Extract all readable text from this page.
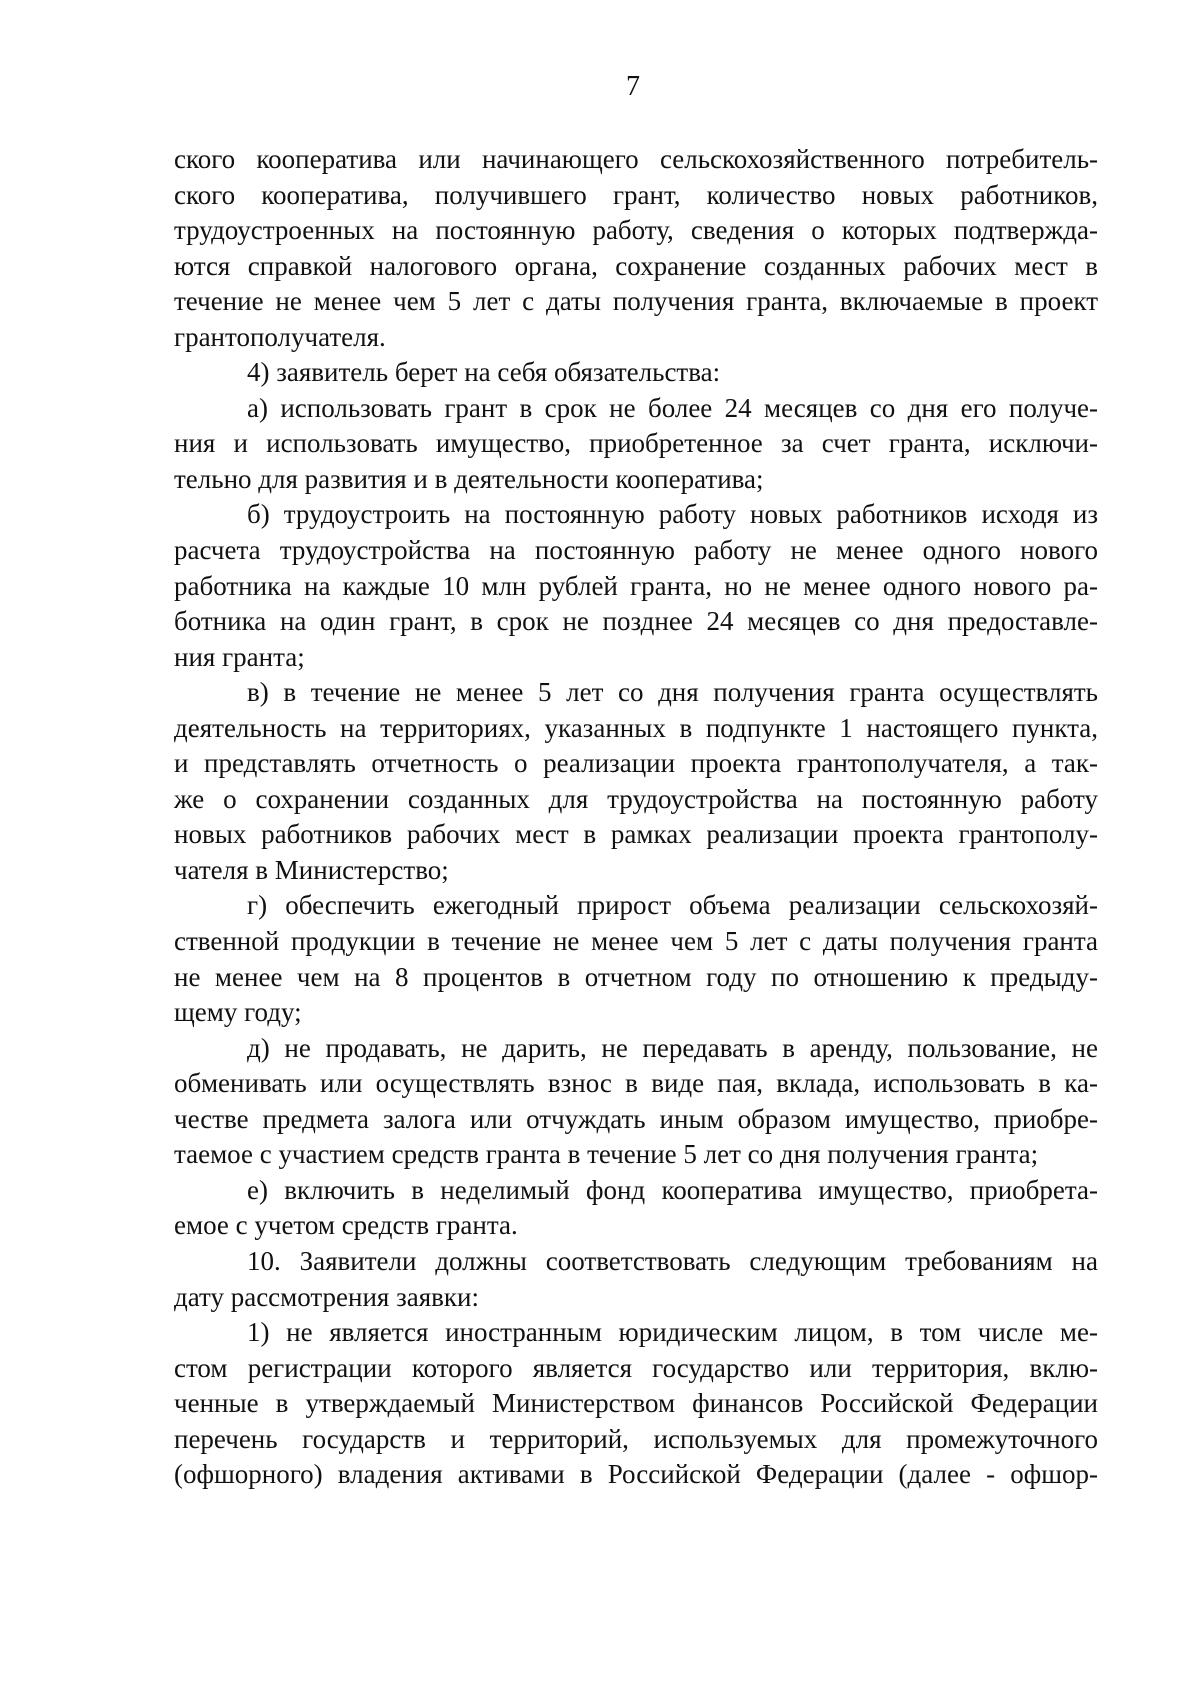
7
ского кооператива или начинающего сельскохозяйственного потребитель-
ского кооператива, получившего грант, количество новых работников,
трудоустроенных на постоянную работу, сведения о которых подтвержда-
ются справкой налогового органа, сохранение созданных рабочих мест в
течение не менее чем 5 лет с даты получения гранта, включаемые в проект
грантополучателя.
4) заявитель берет на себя обязательства:
а) использовать грант в срок не более 24 месяцев со дня его получе-
ния и использовать имущество, приобретенное за счет гранта, исключи-
тельно для развития и в деятельности кооператива;
б) трудоустроить на постоянную работу новых работников исходя из
расчета трудоустройства на постоянную работу не менее одного нового
работника на каждые 10 млн рублей гранта, но не менее одного нового ра-
ботника на один грант, в срок не позднее 24 месяцев со дня предоставле-
ния гранта;
в) в течение не менее 5 лет со дня получения гранта осуществлять
деятельность на территориях, указанных в подпункте 1 настоящего пункта,
и представлять отчетность о реализации проекта грантополучателя, а так-
же о сохранении созданных для трудоустройства на постоянную работу
новых работников рабочих мест в рамках реализации проекта грантополу-
чателя в Министерство;
г) обеспечить ежегодный прирост объема реализации сельскохозяй-
ственной продукции в течение не менее чем 5 лет с даты получения гранта
не менее чем на 8 процентов в отчетном году по отношению к предыду-
щему году;
д) не продавать, не дарить, не передавать в аренду, пользование, не
обменивать или осуществлять взнос в виде пая, вклада, использовать в ка-
честве предмета залога или отчуждать иным образом имущество, приобре-
таемое с участием средств гранта в течение 5 лет со дня получения гранта;
е) включить в неделимый фонд кооператива имущество, приобрета-
емое с учетом средств гранта.
10. Заявители должны соответствовать следующим требованиям на
дату рассмотрения заявки:
1) не является иностранным юридическим лицом, в том числе ме-
стом регистрации которого является государство или территория, вклю-
ченные в утверждаемый Министерством финансов Российской Федерации
перечень государств и территорий, используемых для промежуточного
(офшорного) владения активами в Российской Федерации (далее - офшор-
